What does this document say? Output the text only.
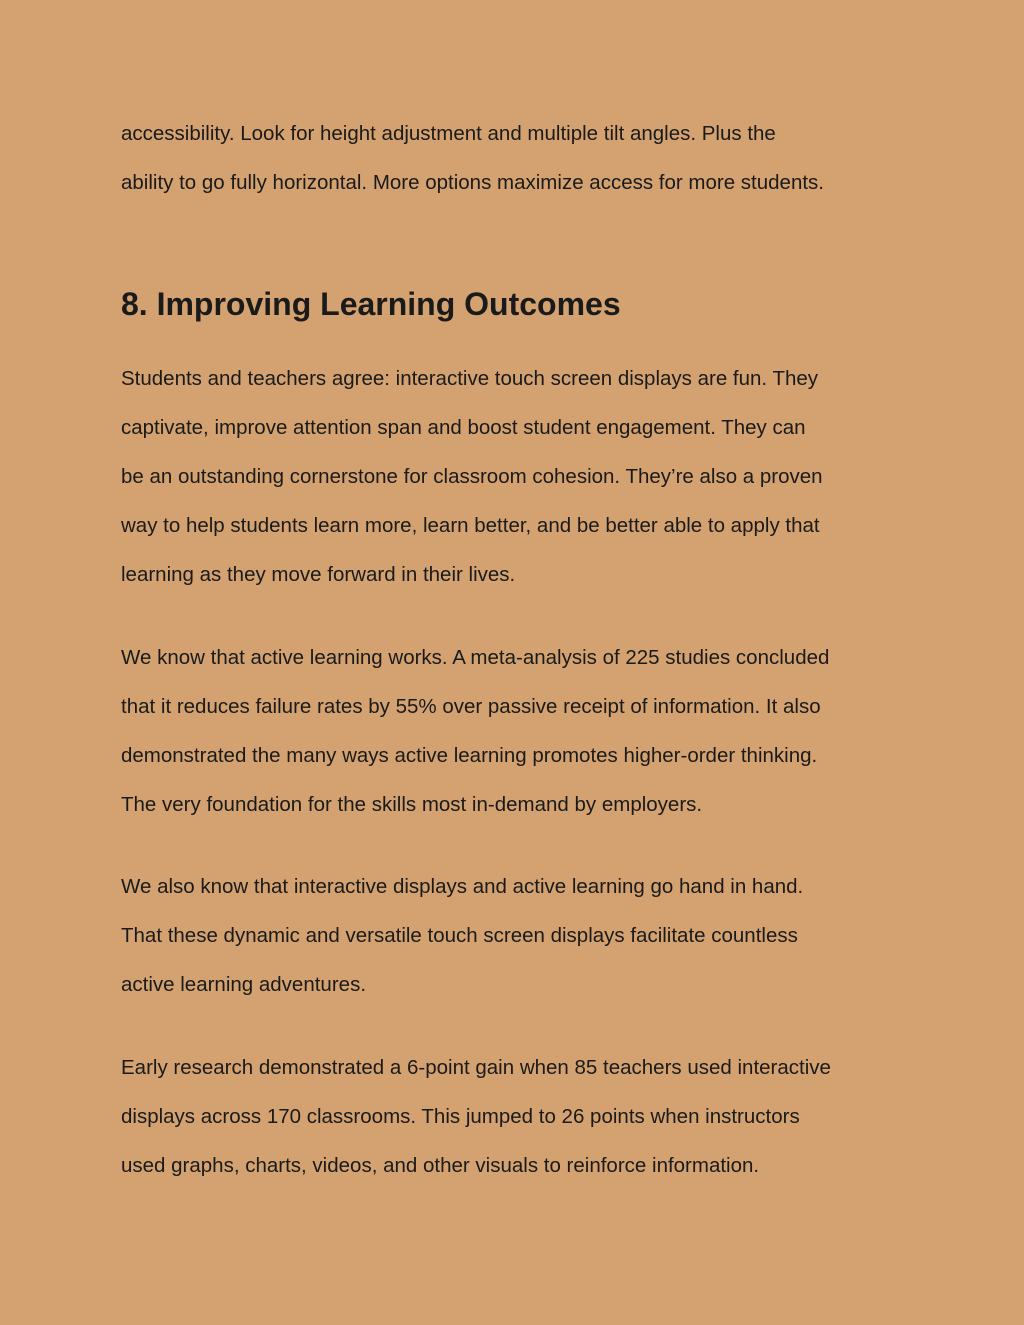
accessibility. Look for height adjustment and multiple tilt angles. Plus the
ability to go fully horizontal. More options maximize access for more students.
8. Improving Learning Outcomes
Students and teachers agree: interactive touch screen displays are fun. They
captivate, improve attention span and boost student engagement. They can
be an outstanding cornerstone for classroom cohesion. They’re also a proven
way to help students learn more, learn better, and be better able to apply that
learning as they move forward in their lives.
We know that active learning works. A meta-analysis of 225 studies concluded
that it reduces failure rates by 55% over passive receipt of information. It also
demonstrated the many ways active learning promotes higher-order thinking.
The very foundation for the skills most in-demand by employers.
We also know that interactive displays and active learning go hand in hand.
That these dynamic and versatile touch screen displays facilitate countless
active learning adventures.
Early research demonstrated a 6-point gain when 85 teachers used interactive
displays across 170 classrooms. This jumped to 26 points when instructors
used graphs, charts, videos, and other visuals to reinforce information.
